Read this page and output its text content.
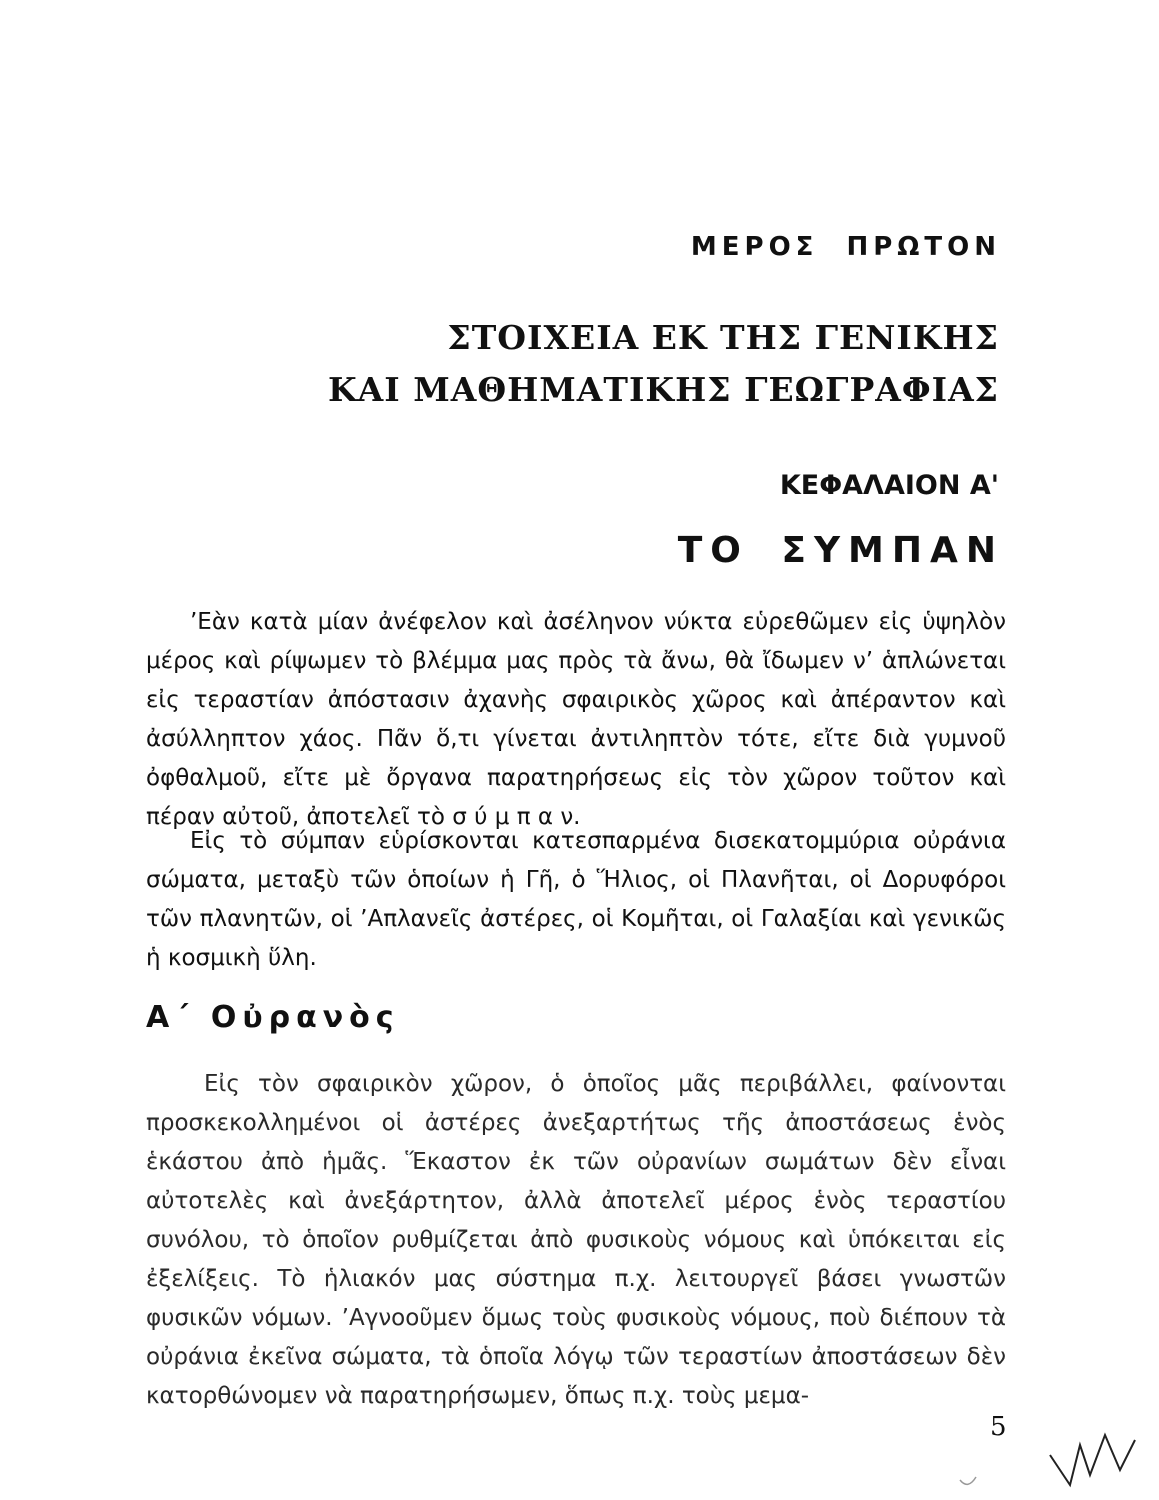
ΜΕΡΟΣ ΠΡΩΤΟΝ
ΣΤΟΙΧΕΙΑ ΕΚ ΤΗΣ ΓΕΝΙΚΗΣ
ΚΑΙ ΜΑΘΗΜΑΤΙΚΗΣ ΓΕΩΓΡΑΦΙΑΣ
ΚΕΦΑΛΑΙΟΝ Α'
ΤΟ ΣΥΜΠΑΝ

’Εὰν κατὰ μίαν ἀνέφελον καὶ ἀσέληνον νύκτα εὑρεθῶμεν εἰς ὑψηλὸν μέρος καὶ ρίψωμεν τὸ βλέμμα μας πρὸς τὰ ἄνω, θὰ ἴδωμεν ν’ ἁπλώνεται εἰς τεραστίαν ἀπόστασιν ἀχανὴς σφαιρικὸς χῶρος καὶ ἀπέραντον καὶ ἀσύλληπτον χάος. Πᾶν ὅ,τι γίνεται ἀντιληπτὸν τότε, εἴτε διὰ γυμνοῦ ὀφθαλμοῦ, εἴτε μὲ ὄργανα παρατηρήσεως εἰς τὸν χῶρον τοῦτον καὶ πέραν αὐτοῦ, ἀποτελεῖ τὸ σ ύ μ π α ν.

Εἰς τὸ σύμπαν εὑρίσκονται κατεσπαρμένα δισεκατομμύρια οὐράνια σώματα, μεταξὺ τῶν ὁποίων ἡ Γῆ, ὁ Ἥλιος, οἱ Πλανῆται, οἱ Δορυφόροι τῶν πλανητῶν, οἱ ’Απλανεῖς ἀστέρες, οἱ Κομῆται, οἱ Γαλαξίαι καὶ γενικῶς ἡ κοσμικὴ ὕλη.

Α΄ Οὐρανὸς

Εἰς τὸν σφαιρικὸν χῶρον, ὁ ὁποῖος μᾶς περιβάλλει, φαίνονται προσκεκολλημένοι οἱ ἀστέρες ἀνεξαρτήτως τῆς ἀποστάσεως ἑνὸς ἑκάστου ἀπὸ ἡμᾶς. Ἕκαστον ἐκ τῶν οὐρανίων σωμάτων δὲν εἶναι αὐτοτελὲς καὶ ἀνεξάρτητον, ἀλλὰ ἀποτελεῖ μέρος ἑνὸς τεραστίου συνόλου, τὸ ὁποῖον ρυθμίζεται ἀπὸ φυσικοὺς νόμους καὶ ὑπόκειται εἰς ἐξελίξεις. Τὸ ἡλιακόν μας σύστημα π.χ. λειτουργεῖ βάσει γνωστῶν φυσικῶν νόμων. ’Αγνοοῦμεν ὅμως τοὺς φυσικοὺς νόμους, ποὺ διέπουν τὰ οὐράνια ἐκεῖνα σώματα, τὰ ὁποῖα λόγῳ τῶν τεραστίων ἀποστάσεων δὲν κατορθώνομεν νὰ παρατηρήσωμεν, ὅπως π.χ. τοὺς μεμα-

5
